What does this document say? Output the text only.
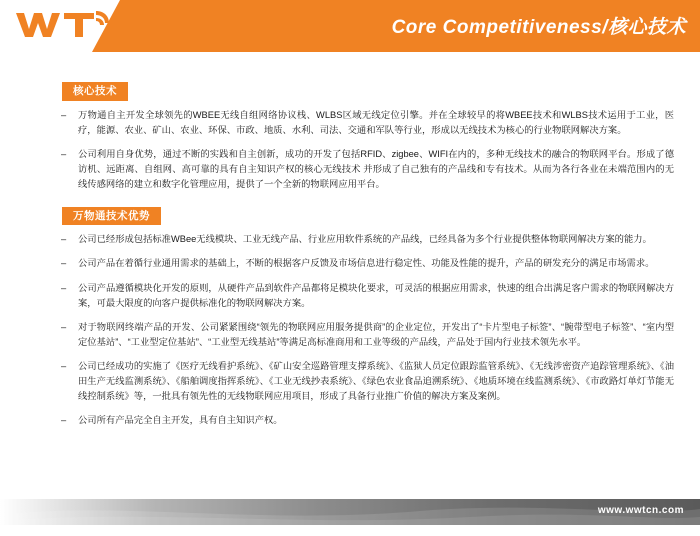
Core Competitiveness/核心技术
核心技术
– 万物通自主开发全球领先的WBEE无线自组网络协议栈、WLBS区域无线定位引擎。并在全球较早的将WBEE技术和WLBS技术运用于工业，医疗，能源、农业、矿山、农业、环保、市政、地质、水利、司法、交通和军队等行业，形成以无线技术为核心的行业物联网解决方案。
– 公司利用自身优势，通过不断的实践和自主创新，成功的开发了包括RFID、zigbee、WIFI在内的，多种无线技术的融合的物联网平台。形成了德访机、远距离、自组网、高可靠的具有自主知识产权的核心无线技术 并形成了自己独有的产品线和专有技术。从而为各行各业在未端范围内的无线传感网络的建立和数字化管理应用，提供了一个全新的物联网应用平台。
万物通技术优势
– 公司已经形成包括标准WBee无线模块、工业无线产品、行业应用软件系统的产品线，已经具备为多个行业提供整体物联网解决方案的能力。
– 公司产品在着循行业通用需求的基础上，不断的根据客户反馈及市场信息进行稳定性、功能及性能的提升，产品的研发充分的满足市场需求。
– 公司产品遵循模块化开发的原则，从硬件产品到软件产品都将足模块化要求，可灵活的根据应用需求，快速的组合出满足客户需求的物联网解决方案，可最大限度的向客户提供标准化的物联网解决方案。
– 对于物联网终端产品的开发、公司紧紧围绕“领先的物联网应用服务提供商”的企业定位，开发出了“卡片型电子标签”、“腕带型电子标签”、“室内型定位基站”、“工业型定位基站”、“工业型无线基站”等满足高标准商用和工业等级的产品线，产品处于国内行业技术领先水平。
– 公司已经成功的实施了《医疗无线看护系统》、《矿山安全巡路管理支撑系统》、《监狱人员定位跟踪监管系统》、《无线涉密资产追踪管理系统》、《油田生产无线监测系统》、《船舶调度指挥系统》、《工业无线抄表系统》、《绿色农业食品追溯系统》、《地质环境在线监测系统》、《市政路灯单灯节能无线控制系统》等，一批具有领先性的无线物联网应用项目，形成了具备行业推广价值的解决方案及案例。
– 公司所有产品完全自主开发，具有自主知识产权。
www.wwtcn.com
